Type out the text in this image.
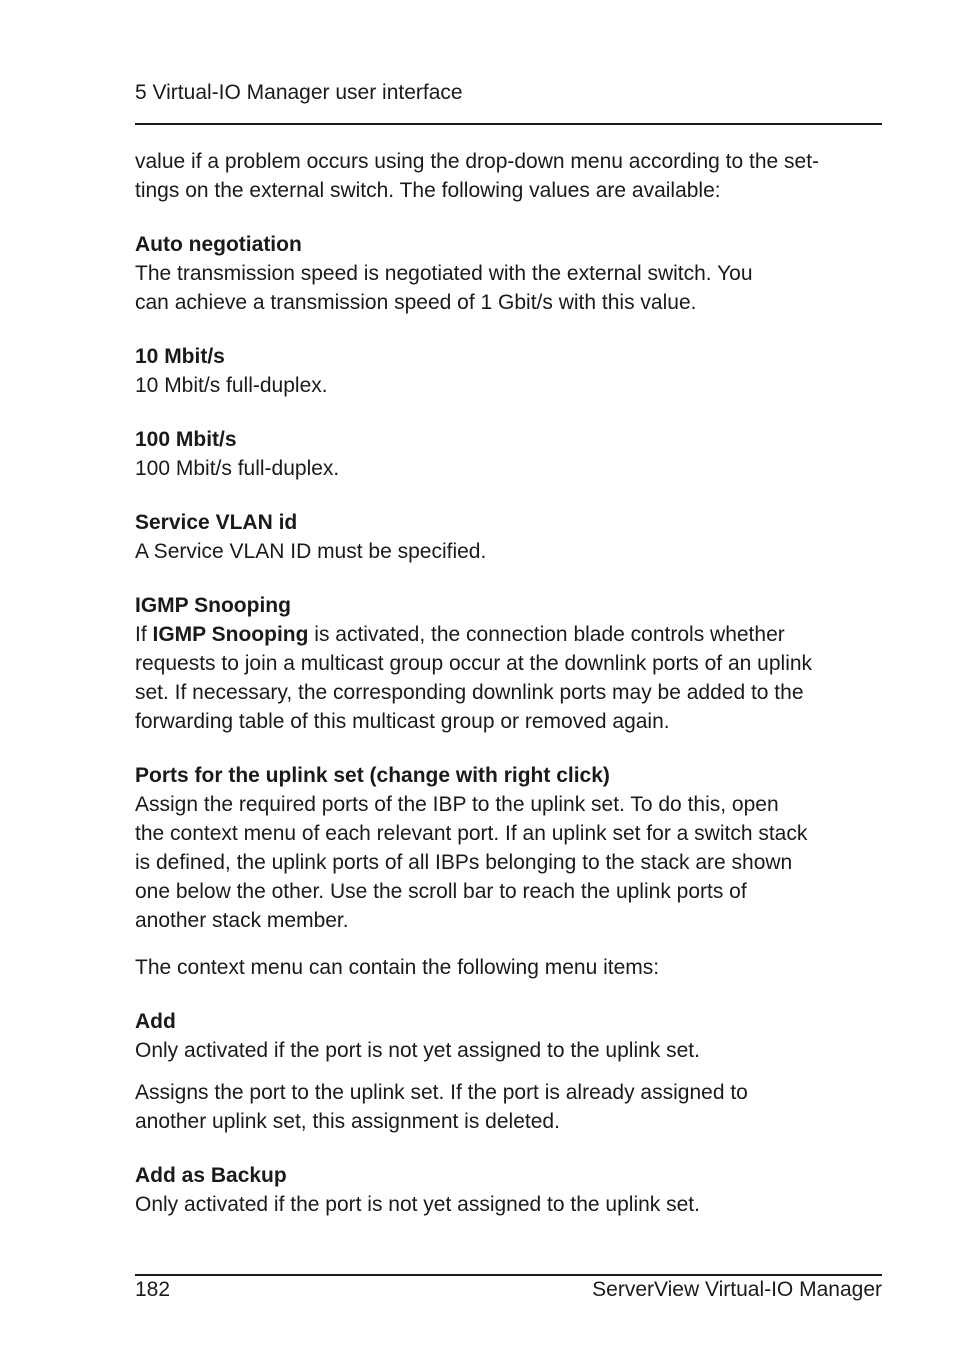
5 Virtual-IO Manager user interface

value if a problem occurs using the drop-down menu according to the set-

tings on the external switch. The following values are available:

Auto negotiation

The transmission speed is negotiated with the external switch. You

can achieve a transmission speed of 1 Gbit/s with this value.

10 Mbit/s

10 Mbit/s full-duplex.

100 Mbit/s

100 Mbit/s full-duplex.

Service VLAN id

A Service VLAN ID must be specified.

IGMP Snooping

If IGMP Snooping is activated, the connection blade controls whether

requests to join a multicast group occur at the downlink ports of an uplink

set. If necessary, the corresponding downlink ports may be added to the

forwarding table of this multicast group or removed again.

Ports for the uplink set (change with right click)

Assign the required ports of the IBP to the uplink set. To do this, open

the context menu of each relevant port. If an uplink set for a switch stack

is defined, the uplink ports of all IBPs belonging to the stack are shown

one below the other. Use the scroll bar to reach the uplink ports of

another stack member.

The context menu can contain the following menu items:

Add

Only activated if the port is not yet assigned to the uplink set.

Assigns the port to the uplink set. If the port is already assigned to

another uplink set, this assignment is deleted.

Add as Backup

Only activated if the port is not yet assigned to the uplink set.

182	ServerView Virtual-IO Manager
